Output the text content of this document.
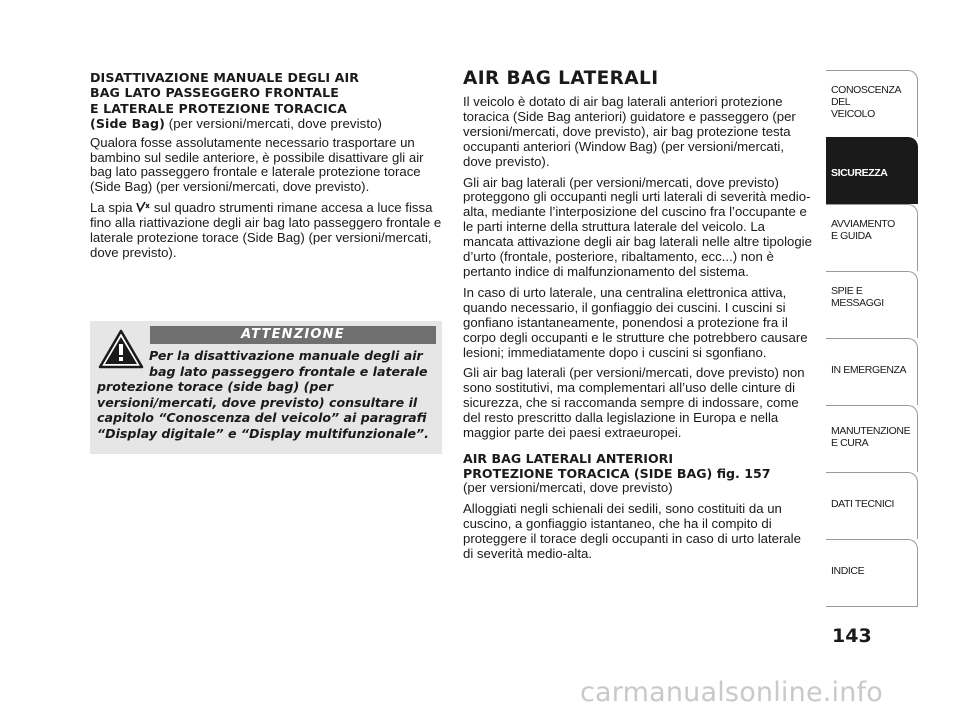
DISATTIVAZIONE MANUALE DEGLI AIR
BAG LATO PASSEGGERO FRONTALE
E LATERALE PROTEZIONE TORACICA
(Side Bag) (per versioni/mercati, dove previsto)

Qualora fosse assolutamente necessario trasportare un bambino sul sedile anteriore, è possibile disattivare gli air bag lato passeggero frontale e laterale protezione torace (Side Bag) (per versioni/mercati, dove previsto).

La spia  sul quadro strumenti rimane accesa a luce fissa fino alla riattivazione degli air bag lato passeggero frontale e laterale protezione torace (Side Bag) (per versioni/mercati, dove previsto).

ATTENZIONE
Per la disattivazione manuale degli air
bag lato passeggero frontale e laterale
protezione torace (side bag) (per versioni/mercati, dove previsto) consultare il capitolo “Conoscenza del veicolo” ai paragrafi “Display digitale” e “Display multifunzionale”.
AIR BAG LATERALI

Il veicolo è dotato di air bag laterali anteriori protezione toracica (Side Bag anteriori) guidatore e passeggero (per versioni/mercati, dove previsto), air bag protezione testa occupanti anteriori (Window Bag) (per versioni/mercati, dove previsto).

Gli air bag laterali (per versioni/mercati, dove previsto) proteggono gli occupanti negli urti laterali di severità medio-alta, mediante l’interposizione del cuscino fra l’occupante e le parti interne della struttura laterale del veicolo. La mancata attivazione degli air bag laterali nelle altre tipologie d’urto (frontale, posteriore, ribaltamento, ecc...) non è pertanto indice di malfunzionamento del sistema.

In caso di urto laterale, una centralina elettronica attiva, quando necessario, il gonfiaggio dei cuscini. I cuscini si gonfiano istantaneamente, ponendosi a protezione fra il corpo degli occupanti e le strutture che potrebbero causare lesioni; immediatamente dopo i cuscini si sgonfiano.

Gli air bag laterali (per versioni/mercati, dove previsto) non sono sostitutivi, ma complementari all’uso delle cinture di sicurezza, che si raccomanda sempre di indossare, come del resto prescritto dalla legislazione in Europa e nella maggior parte dei paesi extraeuropei.

AIR BAG LATERALI ANTERIORI
PROTEZIONE TORACICA (SIDE BAG) fig. 157

(per versioni/mercati, dove previsto)

Alloggiati negli schienali dei sedili, sono costituiti da un cuscino, a gonfiaggio istantaneo, che ha il compito di proteggere il torace degli occupanti in caso di urto laterale di severità medio-alta.

CONOSCENZA
DEL
VEICOLO
SICUREZZA
AVVIAMENTO
E GUIDA
SPIE E
MESSAGGI
IN EMERGENZA
MANUTENZIONE
E CURA
DATI TECNICI
INDICE
143
carmanualsonline.info
